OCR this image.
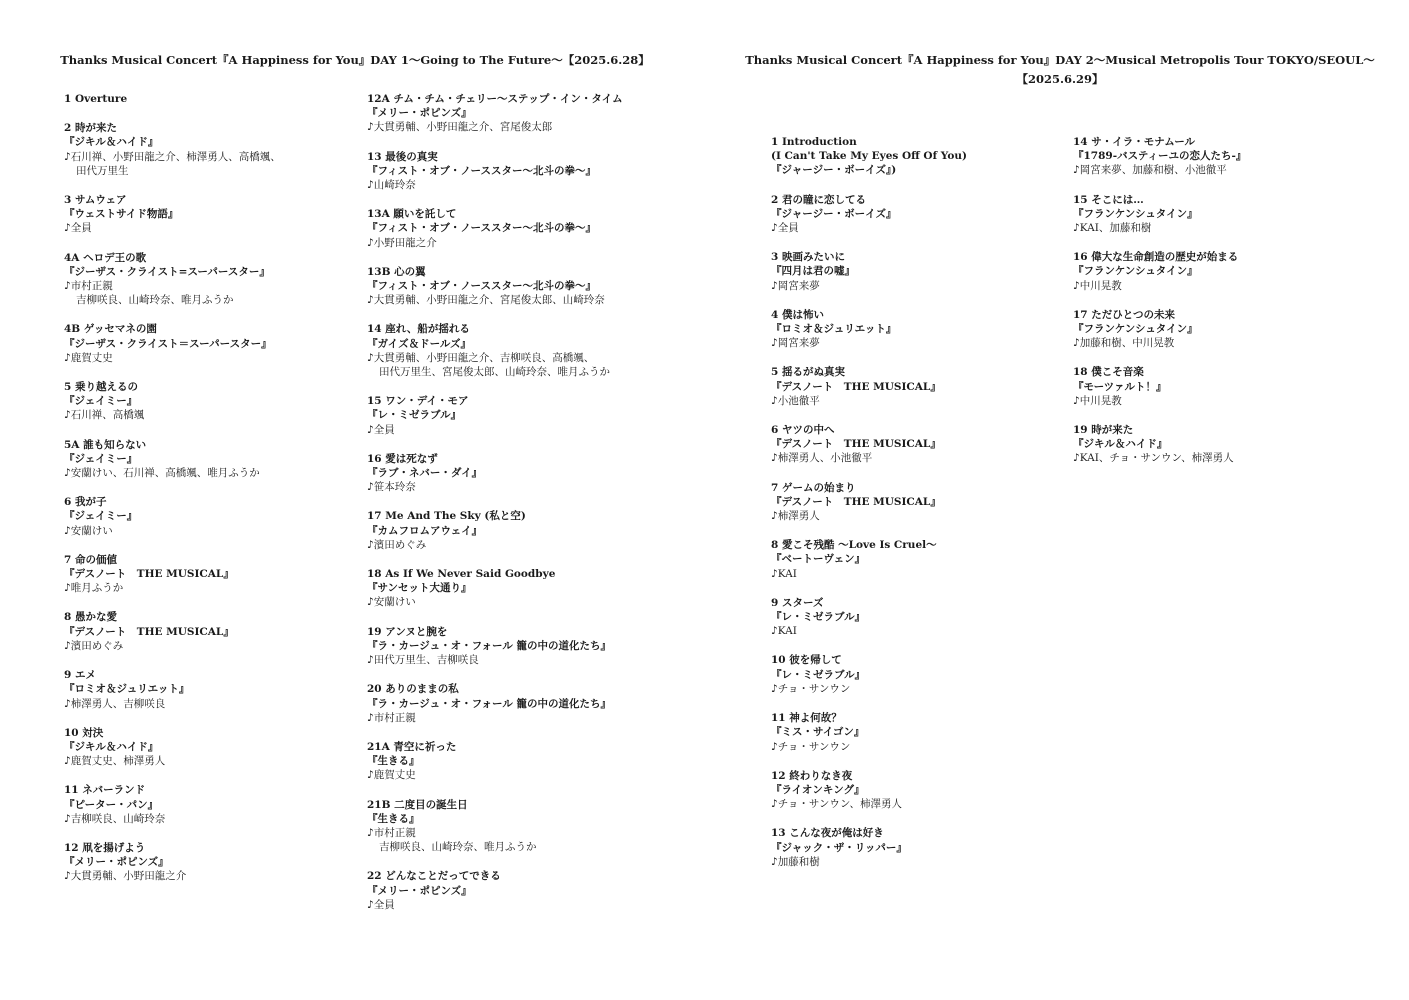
Thanks Musical Concert『A Happiness for You』DAY 1〜Going to The Future〜【2025.6.28】	Thanks Musical Concert『A Happiness for You』DAY 2〜Musical Metropolis Tour TOKYO/SEOUL〜
【2025.6.29】
1 Overture
2 時が来た
『ジキル＆ハイド』
♪石川禅、小野田龍之介、柿澤勇人、高橋颯、
田代万里生
3 サムウェア
『ウェストサイド物語』
♪全員
4A ヘロデ王の歌
『ジーザス・クライスト=スーパースター』
♪市村正親
吉柳咲良、山崎玲奈、唯月ふうか
4B ゲッセマネの園
『ジーザス・クライスト＝スーパースター』
♪鹿賀丈史
5 乗り越えるの
『ジェイミー』
♪石川禅、高橋颯
5A 誰も知らない
『ジェイミー』
♪安蘭けい、石川禅、高橋颯、唯月ふうか
6 我が子
『ジェイミー』
♪安蘭けい
7 命の価値
『デスノート　THE MUSICAL』
♪唯月ふうか
8 愚かな愛
『デスノート　THE MUSICAL』
♪濱田めぐみ
9 エメ
『ロミオ＆ジュリエット』
♪柿澤勇人、吉柳咲良
10 対決
『ジキル＆ハイド』
♪鹿賀丈史、柿澤勇人
11 ネバーランド
『ピーター・パン』
♪吉柳咲良、山崎玲奈
12 凧を揚げよう
『メリー・ポピンズ』
♪大貫勇輔、小野田龍之介
12A チム・チム・チェリー〜ステップ・イン・タイム
『メリー・ポピンズ』
♪大貫勇輔、小野田龍之介、宮尾俊太郎
13 最後の真実
『フィスト・オブ・ノーススター〜北斗の拳〜』
♪山崎玲奈
13A 願いを託して
『フィスト・オブ・ノーススター〜北斗の拳〜』
♪小野田龍之介
13B 心の翼
『フィスト・オブ・ノーススター〜北斗の拳〜』
♪大貫勇輔、小野田龍之介、宮尾俊太郎、山崎玲奈
14 座れ、船が揺れる
『ガイズ＆ドールズ』
♪大貫勇輔、小野田龍之介、吉柳咲良、高橋颯、
田代万里生、宮尾俊太郎、山崎玲奈、唯月ふうか
15 ワン・デイ・モア
『レ・ミゼラブル』
♪全員
16 愛は死なず
『ラブ・ネバー・ダイ』
♪笹本玲奈
17 Me And The Sky (私と空)
『カムフロムアウェイ』
♪濱田めぐみ
18 As If We Never Said Goodbye
『サンセット大通り』
♪安蘭けい
19 アンヌと腕を
『ラ・カージュ・オ・フォール 籠の中の道化たち』
♪田代万里生、吉柳咲良
20 ありのままの私
『ラ・カージュ・オ・フォール 籠の中の道化たち』
♪市村正親
21A 青空に祈った
『生きる』
♪鹿賀丈史
21B 二度目の誕生日
『生きる』
♪市村正親
吉柳咲良、山崎玲奈、唯月ふうか
22 どんなことだってできる
『メリー・ポピンズ』
♪全員
1 Introduction
(I Can't Take My Eyes Off Of You)
『ジャージー・ボーイズ』)
2 君の瞳に恋してる
『ジャージー・ボーイズ』
♪全員
3 映画みたいに
『四月は君の嘘』
♪岡宮来夢
4 僕は怖い
『ロミオ＆ジュリエット』
♪岡宮来夢
5 揺るがぬ真実
『デスノート　THE MUSICAL』
♪小池徹平
6 ヤツの中へ
『デスノート　THE MUSICAL』
♪柿澤勇人、小池徹平
7 ゲームの始まり
『デスノート　THE MUSICAL』
♪柿澤勇人
8 愛こそ残酷 〜Love Is Cruel〜
『ベートーヴェン』
♪KAI
9 スターズ
『レ・ミゼラブル』
♪KAI
10 彼を帰して
『レ・ミゼラブル』
♪チョ・サンウン
11 神よ何故？
『ミス・サイゴン』
♪チョ・サンウン
12 終わりなき夜
『ライオンキング』
♪チョ・サンウン、柿澤勇人
13 こんな夜が俺は好き
『ジャック・ザ・リッパー』
♪加藤和樹
14 サ・イラ・モナムール
『1789-バスティーユの恋人たち-』
♪岡宮来夢、加藤和樹、小池徹平
15 そこには…
『フランケンシュタイン』
♪KAI、加藤和樹
16 偉大な生命創造の歴史が始まる
『フランケンシュタイン』
♪中川晃教
17 ただひとつの未来
『フランケンシュタイン』
♪加藤和樹、中川晃教
18 僕こそ音楽
『モーツァルト！』
♪中川晃教
19 時が来た
『ジキル＆ハイド』
♪KAI、チョ・サンウン、柿澤勇人
